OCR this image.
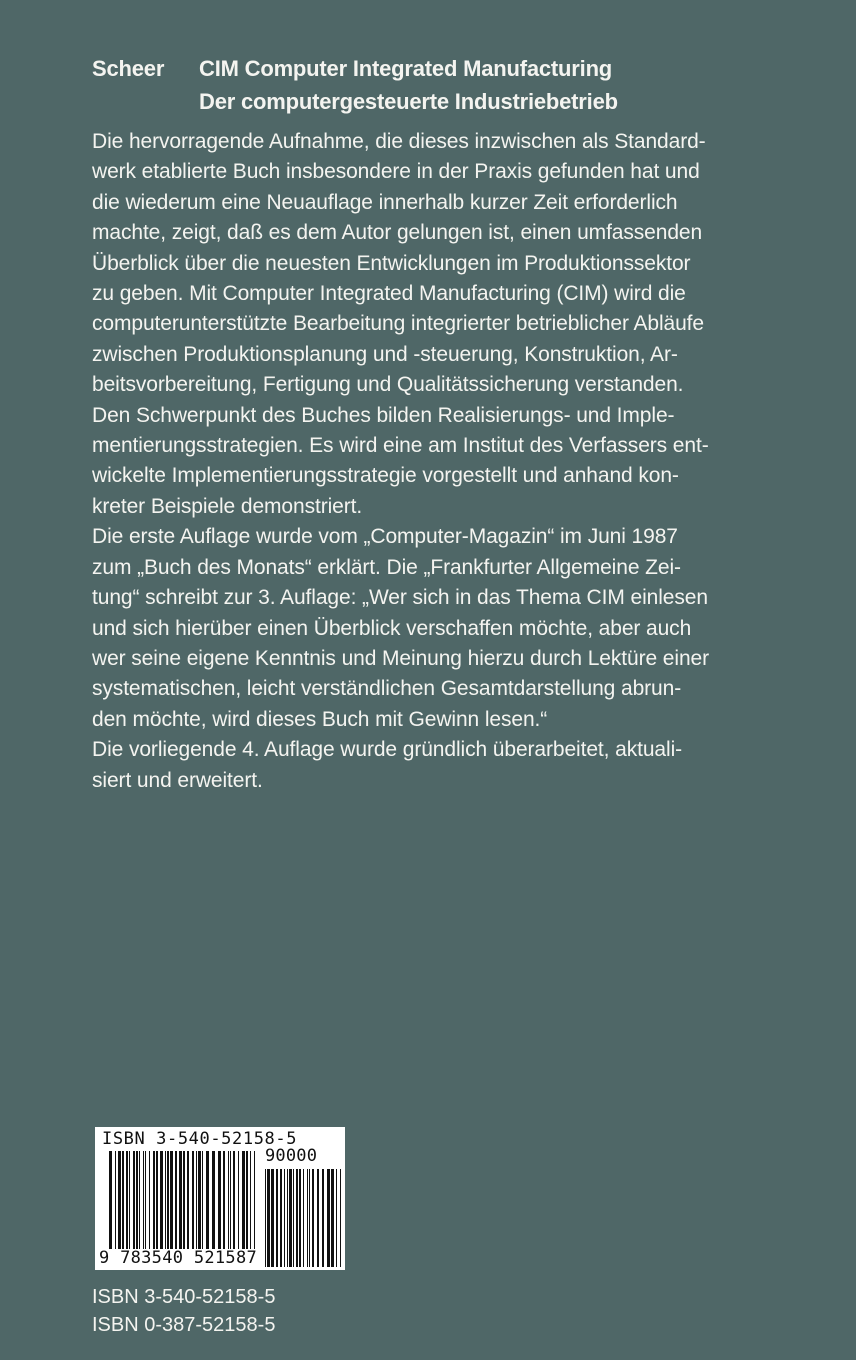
Scheer CIM Computer Integrated Manufacturing
Der computergesteuerte Industriebetrieb
Die hervorragende Aufnahme, die dieses inzwischen als Standard-
werk etablierte Buch insbesondere in der Praxis gefunden hat und
die wiederum eine Neuauflage innerhalb kurzer Zeit erforderlich
machte, zeigt, daß es dem Autor gelungen ist, einen umfassenden
Überblick über die neuesten Entwicklungen im Produktionssektor
zu geben. Mit Computer Integrated Manufacturing (CIM) wird die
computerunterstützte Bearbeitung integrierter betrieblicher Abläufe
zwischen Produktionsplanung und -steuerung, Konstruktion, Ar-
beitsvorbereitung, Fertigung und Qualitätssicherung verstanden.
Den Schwerpunkt des Buches bilden Realisierungs- und Imple-
mentierungsstrategien. Es wird eine am Institut des Verfassers ent-
wickelte Implementierungsstrategie vorgestellt und anhand kon-
kreter Beispiele demonstriert.
Die erste Auflage wurde vom „Computer-Magazin“ im Juni 1987
zum „Buch des Monats“ erklärt. Die „Frankfurter Allgemeine Zei-
tung“ schreibt zur 3. Auflage: „Wer sich in das Thema CIM einlesen
und sich hierüber einen Überblick verschaffen möchte, aber auch
wer seine eigene Kenntnis und Meinung hierzu durch Lektüre einer
systematischen, leicht verständlichen Gesamtdarstellung abrun-
den möchte, wird dieses Buch mit Gewinn lesen.“
Die vorliegende 4. Auflage wurde gründlich überarbeitet, aktuali-
siert und erweitert.
ISBN 3-540-52158-5
90000
9 783540 521587
ISBN 3-540-52158-5
ISBN 0-387-52158-5
